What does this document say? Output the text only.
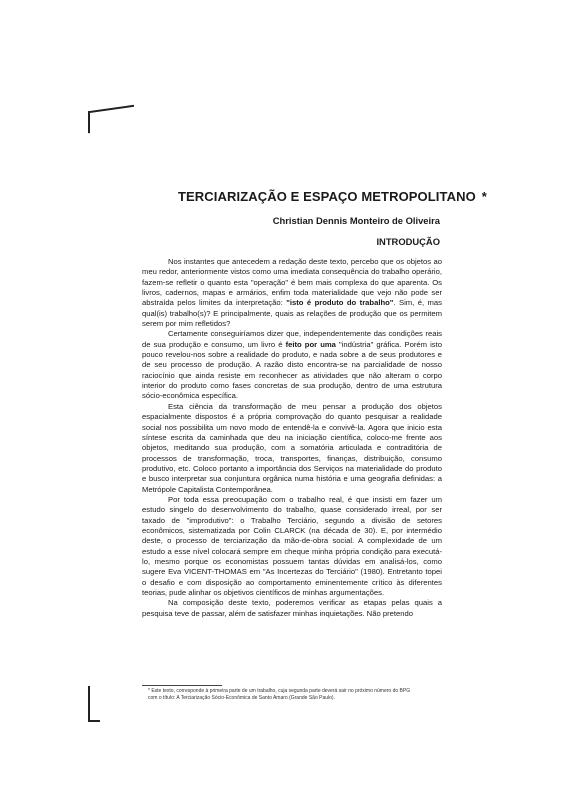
TERCIARIZAÇÃO E ESPAÇO METROPOLITANO *
Christian Dennis Monteiro de Oliveira
INTRODUÇÃO

Nos instantes que antecedem a redação deste texto, percebo que os objetos ao meu redor, anteriormente vistos como uma imediata consequência do trabalho operário, fazem-se refletir o quanto esta "operação" é bem mais complexa do que aparenta. Os livros, cadernos, mapas e armários, enfim toda materialidade que vejo não pode ser abstraída pelos limites da interpretação: "isto é produto do trabalho". Sim, é, mas qual(is) trabalho(s)? E principalmente, quais as relações de produção que os permitem serem por mim refletidos?

Certamente conseguiríamos dizer que, independentemente das condições reais de sua produção e consumo, um livro é feito por uma "indústria" gráfica. Porém isto pouco revelou-nos sobre a realidade do produto, e nada sobre a de seus produtores e de seu processo de produção. A razão disto encontra-se na parcialidade de nosso raciocínio que ainda resiste em reconhecer as atividades que não alteram o corpo interior do produto como fases concretas de sua produção, dentro de uma estrutura sócio-econômica específica.

Esta ciência da transformação de meu pensar a produção dos objetos espacialmente dispostos é a própria comprovação do quanto pesquisar a realidade social nos possibilita um novo modo de entendê-la e convivê-la. Agora que inicio esta síntese escrita da caminhada que deu na iniciação científica, coloco-me frente aos objetos, meditando sua produção, com a somatória articulada e contraditória de processos de transformação, troca, transportes, finanças, distribuição, consumo produtivo, etc. Coloco portanto a importância dos Serviços na materialidade do produto e busco interpretar sua conjuntura orgânica numa história e uma geografia definidas: a Metrópole Capitalista Contemporânea.

Por toda essa preocupação com o trabalho real, é que insisti em fazer um estudo singelo do desenvolvimento do trabalho, quase considerado irreal, por ser taxado de "improdutivo": o Trabalho Terciário, segundo a divisão de setores econômicos, sistematizada por Colin CLARCK (na década de 30). E, por intermédio deste, o processo de terciarização da mão-de-obra social. A complexidade de um estudo a esse nível colocará sempre em cheque minha própria condição para executá-lo, mesmo porque os economistas possuem tantas dúvidas em analisá-los, como sugere Eva VICENT-THOMAS em "As Incertezas do Terciário" (1980). Entretanto topei o desafio e com disposição ao comportamento eminentemente crítico às diferentes teorias, pude alinhar os objetivos científicos de minhas argumentações.

Na composição deste texto, poderemos verificar as etapas pelas quais a pesquisa teve de passar, além de satisfazer minhas inquietações. Não pretendo

* Este texto, corresponde à primeira parte de um trabalho, cuja segunda parte deverá sair no próximo número do BPG com o título: A Terciarização Sócio-Econômica de Santo Amaro (Grande São Paulo).
